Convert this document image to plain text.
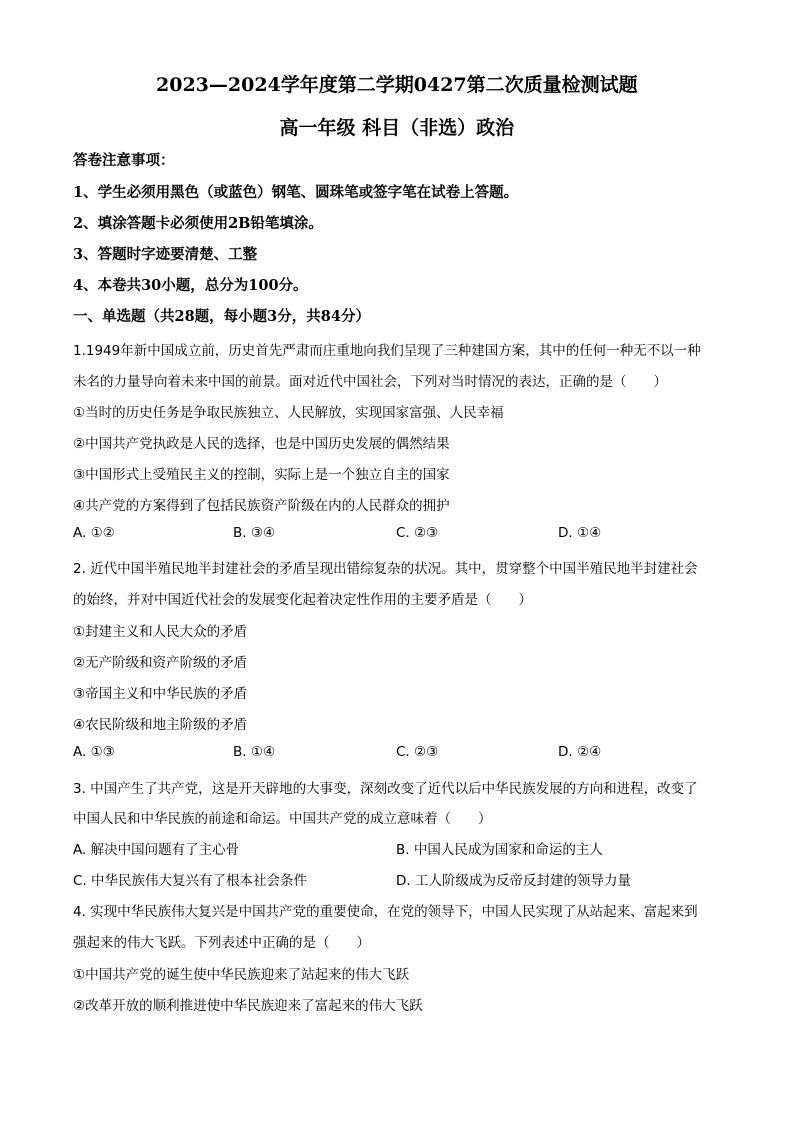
2023—2024学年度第二学期0427第二次质量检测试题
高一年级 科目（非选）政治
答卷注意事项：
1、学生必须用黑色（或蓝色）钢笔、圆珠笔或签字笔在试卷上答题。
2、填涂答题卡必须使用2B铅笔填涂。
3、答题时字迹要清楚、工整
4、本卷共30小题，总分为100分。
一、单选题（共28题，每小题3分，共84分）
1.1949年新中国成立前，历史首先严肃而庄重地向我们呈现了三种建国方案，其中的任何一种无不以一种
未名的力量导向着未来中国的前景。面对近代中国社会，下列对当时情况的表达，正确的是（　　）
①当时的历史任务是争取民族独立、人民解放，实现国家富强、人民幸福
②中国共产党执政是人民的选择，也是中国历史发展的偶然结果
③中国形式上受殖民主义的控制，实际上是一个独立自主的国家
④共产党的方案得到了包括民族资产阶级在内的人民群众的拥护
A. ①②	B. ③④	C. ②③	D. ①④
2. 近代中国半殖民地半封建社会的矛盾呈现出错综复杂的状况。其中，贯穿整个中国半殖民地半封建社会
的始终，并对中国近代社会的发展变化起着决定性作用的主要矛盾是（　　）
①封建主义和人民大众的矛盾
②无产阶级和资产阶级的矛盾
③帝国主义和中华民族的矛盾
④农民阶级和地主阶级的矛盾
A. ①③	B. ①④	C. ②③	D. ②④
3. 中国产生了共产党，这是开天辟地的大事变，深刻改变了近代以后中华民族发展的方向和进程，改变了
中国人民和中华民族的前途和命运。中国共产党的成立意味着（　　）
A. 解决中国问题有了主心骨	B. 中国人民成为国家和命运的主人
C. 中华民族伟大复兴有了根本社会条件	D. 工人阶级成为反帝反封建的领导力量
4. 实现中华民族伟大复兴是中国共产党的重要使命，在党的领导下，中国人民实现了从站起来、富起来到
强起来的伟大飞跃。下列表述中正确的是（　　）
①中国共产党的诞生使中华民族迎来了站起来的伟大飞跃
②改革开放的顺利推进使中华民族迎来了富起来的伟大飞跃
